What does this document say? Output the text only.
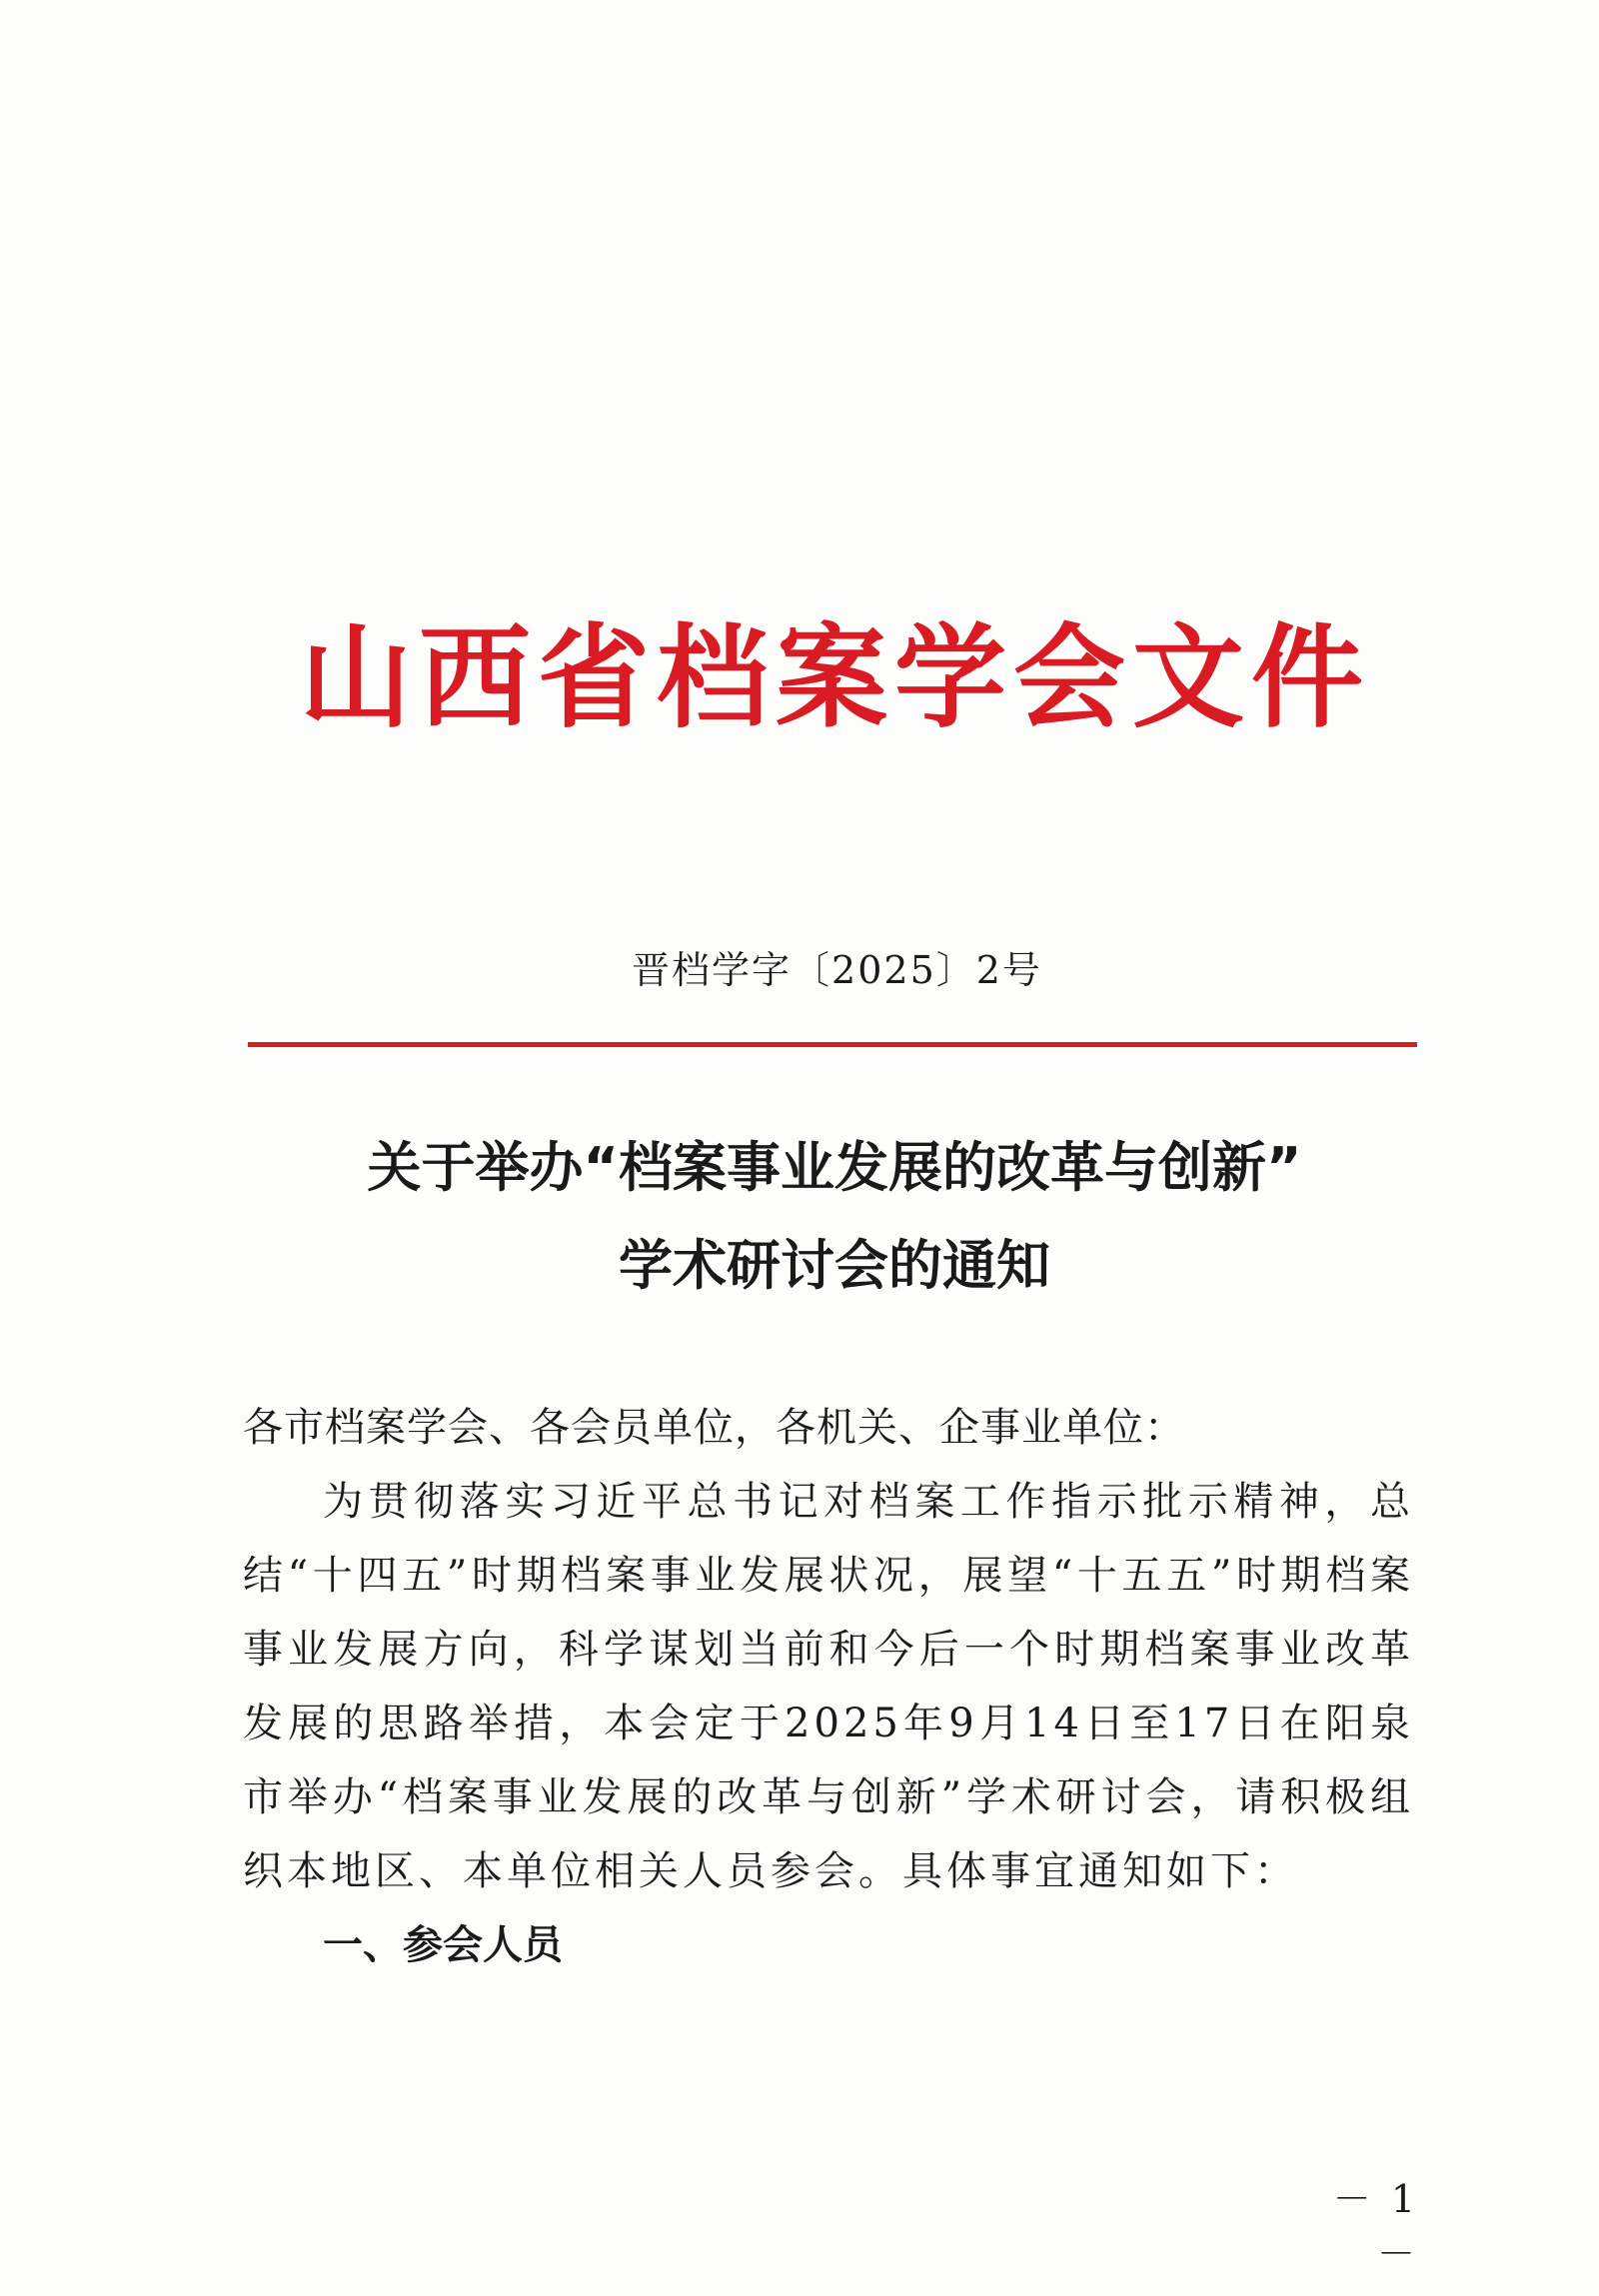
山西省档案学会文件
晋档学字〔2025〕2号
关于举办“档案事业发展的改革与创新”
学术研讨会的通知

各市档案学会、各会员单位，各机关、企事业单位：

为贯彻落实习近平总书记对档案工作指示批示精神，总结“十四五”时期档案事业发展状况，展望“十五五”时期档案事业发展方向，科学谋划当前和今后一个时期档案事业改革发展的思路举措，本会定于2025年9月14日至17日在阳泉市举办“档案事业发展的改革与创新”学术研讨会，请积极组织本地区、本单位相关人员参会。具体事宜通知如下：

一、参会人员

－ 1 －
